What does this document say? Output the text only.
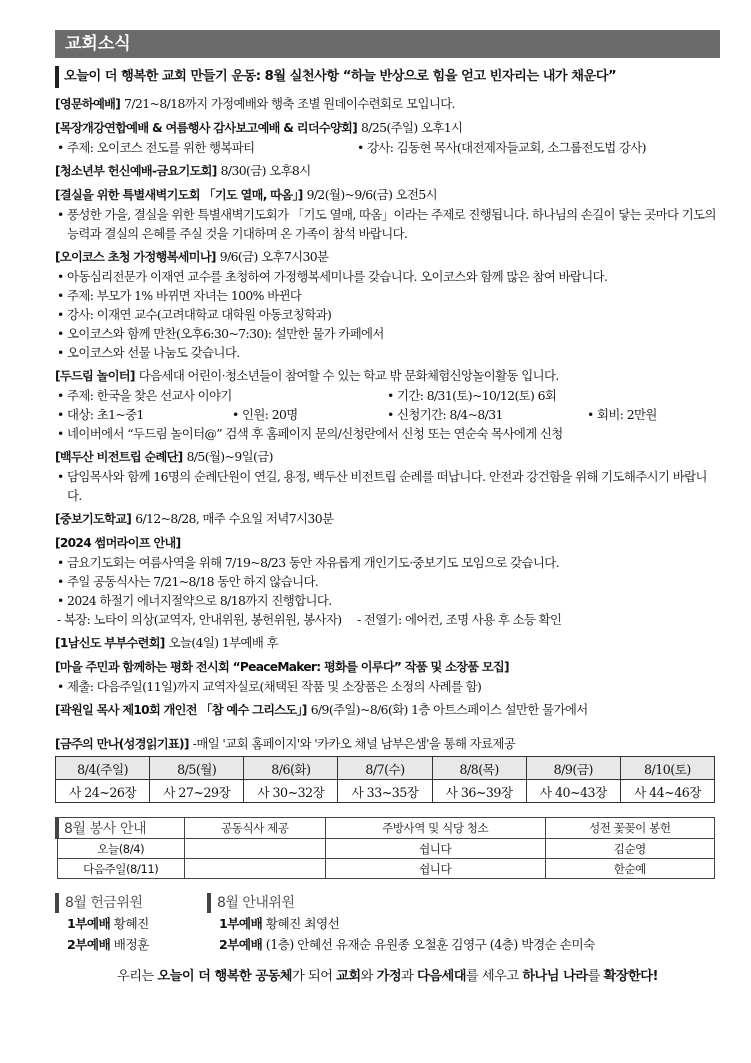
교회소식
오늘이 더 행복한 교회 만들기 운동: 8월 실천사항 “하늘 반상으로 힘을 얻고 빈자리는 내가 채운다”
[영문하예배] 7/21~8/18까지 가정예배와 행축 조별 원데이수련회로 모입니다.
[목장개강연합예배 & 여름행사 감사보고예배 & 리더수양회] 8/25(주일) 오후1시
• 주제: 오이코스 전도를 위한 행복파티	• 강사: 김동현 목사(대전제자들교회, 소그룹전도법 강사)
[청소년부 헌신예배-금요기도회] 8/30(금) 오후8시
[결실을 위한 특별새벽기도회 「기도 열매, 따옴」] 9/2(월)~9/6(금) 오전5시
• 풍성한 가을, 결실을 위한 특별새벽기도회가 「기도 열매, 따옴」이라는 주제로 진행됩니다. 하나님의 손길이 닿는 곳마다 기도의 능력과 결실의 은혜를 주실 것을 기대하며 온 가족이 참석 바랍니다.
[오이코스 초청 가정행복세미나] 9/6(금) 오후7시30분
• 아동심리전문가 이재연 교수를 초청하여 가정행복세미나를 갖습니다. 오이코스와 함께 많은 참여 바랍니다.
• 주제: 부모가 1% 바뀌면 자녀는 100% 바뀐다
• 강사: 이재연 교수(고려대학교 대학원 아동코칭학과)
• 오이코스와 함께 만찬(오후6:30~7:30): 설만한 물가 카페에서
• 오이코스와 선물 나눔도 갖습니다.
[두드림 놀이터] 다음세대 어린이·청소년들이 참여할 수 있는 학교 밖 문화체험신앙놀이활동 입니다.
• 주제: 한국을 찾은 선교사 이야기	• 기간: 8/31(토)~10/12(토) 6회
• 대상: 초1~중1	• 인원: 20명	• 신청기간: 8/4~8/31	• 회비: 2만원
• 네이버에서 “두드림 놀이터@” 검색 후 홈페이지 문의/신청란에서 신청 또는 연순숙 목사에게 신청
[백두산 비전트립 순례단] 8/5(월)~9일(금)
• 담임목사와 함께 16명의 순례단원이 연길, 용정, 백두산 비전트립 순례를 떠납니다. 안전과 강건함을 위해 기도해주시기 바랍니다.
[중보기도학교] 6/12~8/28, 매주 수요일 저녁7시30분
[2024 썸머라이프 안내]
• 금요기도회는 여름사역을 위해 7/19~8/23 동안 자유롭게 개인기도·중보기도 모임으로 갖습니다.
• 주일 공동식사는 7/21~8/18 동안 하지 않습니다.
• 2024 하절기 에너지절약으로 8/18까지 진행합니다.
- 복장: 노타이 의상(교역자, 안내위원, 봉헌위원, 봉사자)	- 전열기: 에어컨, 조명 사용 후 소등 확인
[1남신도 부부수련회] 오늘(4일) 1부예배 후
[마을 주민과 함께하는 평화 전시회 “PeaceMaker: 평화를 이루다” 작품 및 소장품 모집]
• 제출: 다음주일(11일)까지 교역자실로(채택된 작품 및 소장품은 소정의 사례를 함)
[곽원일 목사 제10회 개인전 「참 예수 그리스도」] 6/9(주일)~8/6(화) 1층 아트스페이스 설만한 물가에서
[금주의 만나(성경읽기표)] -매일 '교회 홈페이지'와 '카카오 채널 남부은샘'을 통해 자료제공
8/4(주일)	8/5(월)	8/6(화)	8/7(수)	8/8(목)	8/9(금)	8/10(토)
사 24~26장	사 27~29장	사 30~32장	사 33~35장	사 36~39장	사 40~43장	사 44~46장
8월 봉사 안내	공동식사 제공	주방사역 및 식당 청소	성전 꽃꽂이 봉헌
오늘(8/4)		쉽니다	김순영
다음주일(8/11)		쉽니다	한순예
8월 헌금위원
1부예배 황혜진
2부예배 배정훈
8월 안내위원
1부예배 황혜진 최영선
2부예배 (1층) 안혜선 유재순 유원종 오철훈 김영구 (4층) 박경순 손미숙
우리는 오늘이 더 행복한 공동체가 되어 교회와 가정과 다음세대를 세우고 하나님 나라를 확장한다!
